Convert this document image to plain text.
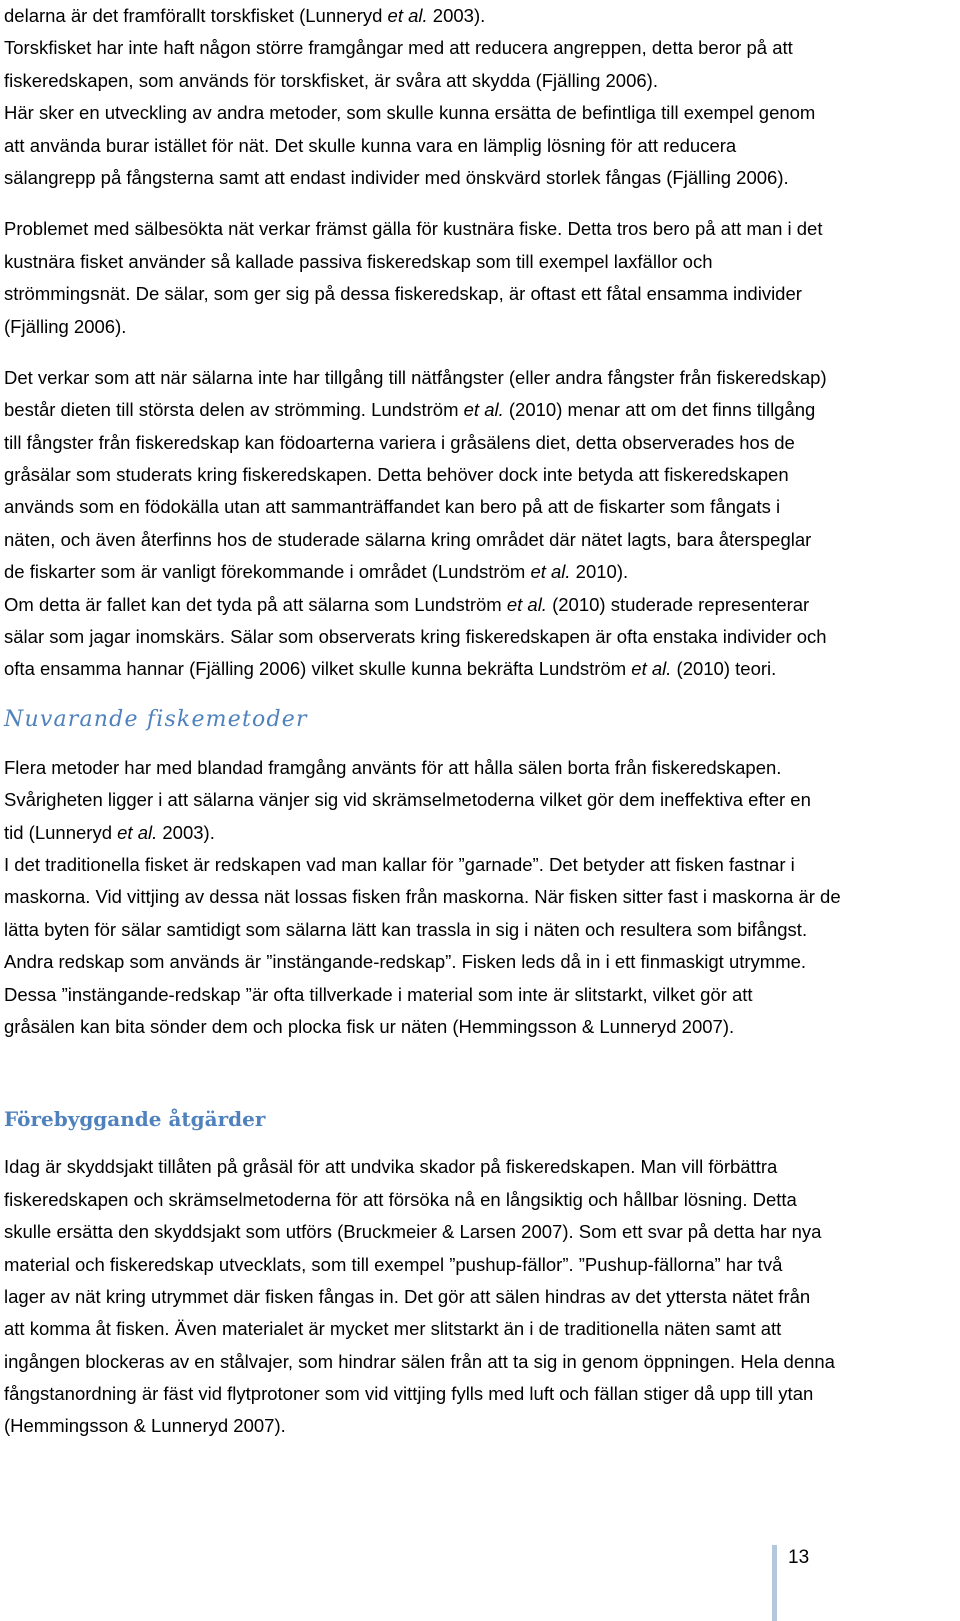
delarna är det framförallt torskfisket (Lunneryd et al. 2003).
Torskfisket har inte haft någon större framgångar med att reducera angreppen, detta beror på att
fiskeredskapen, som används för torskfisket, är svåra att skydda (Fjälling 2006).
Här sker en utveckling av andra metoder, som skulle kunna ersätta de befintliga till exempel genom
att använda burar istället för nät. Det skulle kunna vara en lämplig lösning för att reducera
sälangrepp på fångsterna samt att endast individer med önskvärd storlek fångas (Fjälling 2006).
Problemet med sälbesökta nät verkar främst gälla för kustnära fiske. Detta tros bero på att man i det
kustnära fisket använder så kallade passiva fiskeredskap som till exempel laxfällor och
strömmingsnät. De sälar, som ger sig på dessa fiskeredskap, är oftast ett fåtal ensamma individer
(Fjälling 2006).
Det verkar som att när sälarna inte har tillgång till nätfångster (eller andra fångster från fiskeredskap)
består dieten till största delen av strömming. Lundström et al. (2010) menar att om det finns tillgång
till fångster från fiskeredskap kan födoarterna variera i gråsälens diet, detta observerades hos de
gråsälar som studerats kring fiskeredskapen. Detta behöver dock inte betyda att fiskeredskapen
används som en födokälla utan att sammanträffandet kan bero på att de fiskarter som fångats i
näten, och även återfinns hos de studerade sälarna kring området där nätet lagts, bara återspeglar
de fiskarter som är vanligt förekommande i området (Lundström et al. 2010).
Om detta är fallet kan det tyda på att sälarna som Lundström et al. (2010) studerade representerar
sälar som jagar inomskärs. Sälar som observerats kring fiskeredskapen är ofta enstaka individer och
ofta ensamma hannar (Fjälling 2006) vilket skulle kunna bekräfta Lundström et al. (2010) teori.
Nuvarande fiskemetoder
Flera metoder har med blandad framgång använts för att hålla sälen borta från fiskeredskapen.
Svårigheten ligger i att sälarna vänjer sig vid skrämselmetoderna vilket gör dem ineffektiva efter en
tid (Lunneryd et al. 2003).
I det traditionella fisket är redskapen vad man kallar för ”garnade”. Det betyder att fisken fastnar i
maskorna. Vid vittjing av dessa nät lossas fisken från maskorna. När fisken sitter fast i maskorna är de
lätta byten för sälar samtidigt som sälarna lätt kan trassla in sig i näten och resultera som bifångst.
Andra redskap som används är ”instängande-redskap”. Fisken leds då in i ett finmaskigt utrymme.
Dessa ”instängande-redskap ”är ofta tillverkade i material som inte är slitstarkt, vilket gör att
gråsälen kan bita sönder dem och plocka fisk ur näten (Hemmingsson & Lunneryd 2007).
Förebyggande åtgärder
Idag är skyddsjakt tillåten på gråsäl för att undvika skador på fiskeredskapen. Man vill förbättra
fiskeredskapen och skrämselmetoderna för att försöka nå en långsiktig och hållbar lösning. Detta
skulle ersätta den skyddsjakt som utförs (Bruckmeier & Larsen 2007). Som ett svar på detta har nya
material och fiskeredskap utvecklats, som till exempel ”pushup-fällor”. ”Pushup-fällorna” har två
lager av nät kring utrymmet där fisken fångas in. Det gör att sälen hindras av det yttersta nätet från
att komma åt fisken. Även materialet är mycket mer slitstarkt än i de traditionella näten samt att
ingången blockeras av en stålvajer, som hindrar sälen från att ta sig in genom öppningen. Hela denna
fångstanordning är fäst vid flytprotoner som vid vittjing fylls med luft och fällan stiger då upp till ytan
(Hemmingsson & Lunneryd 2007).
13
